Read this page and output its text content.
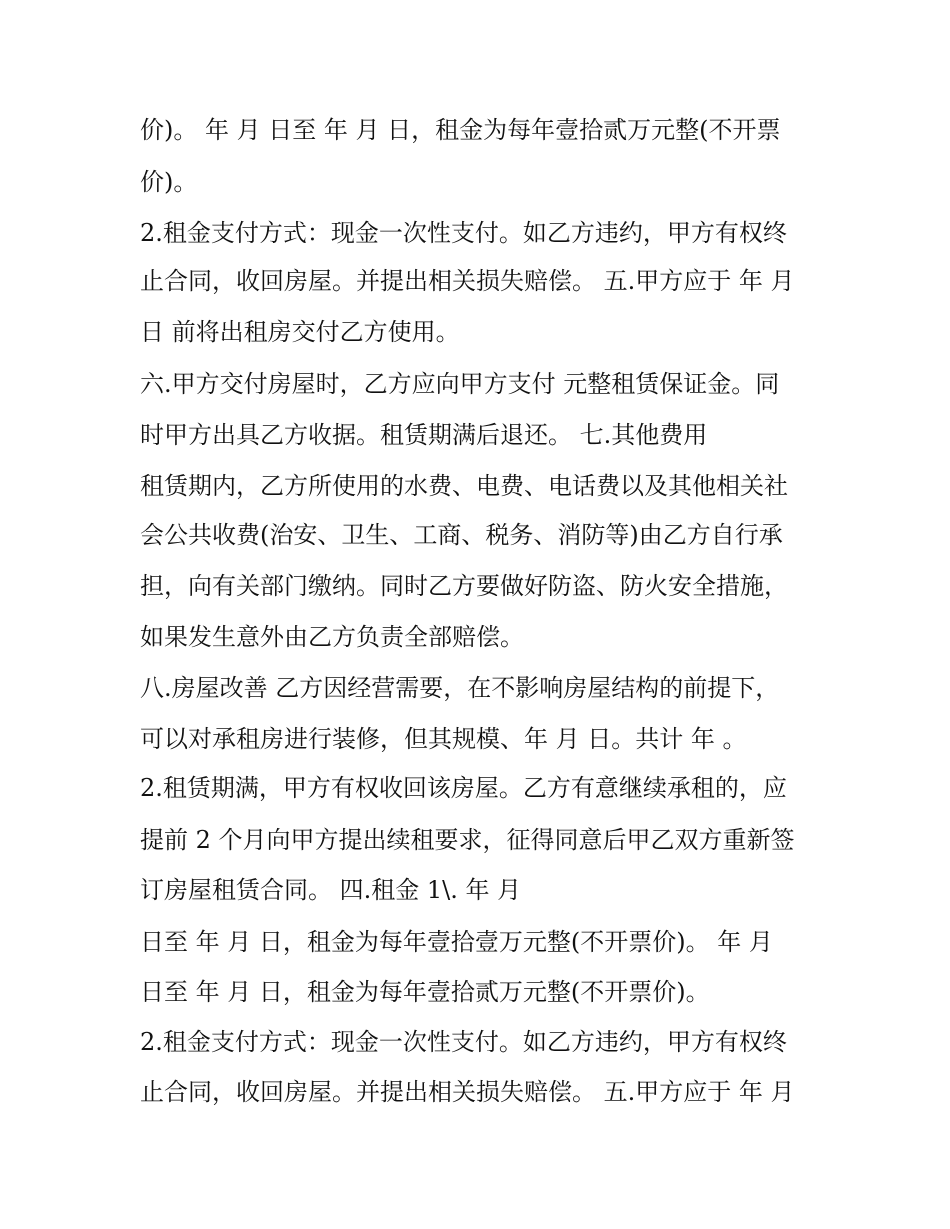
价)。 年 月 日至 年 月 日，租金为每年壹拾贰万元整(不开票
价)。
2.租金支付方式：现金一次性支付。如乙方违约，甲方有权终
止合同，收回房屋。并提出相关损失赔偿。 五.甲方应于 年 月
日 前将出租房交付乙方使用。
六.甲方交付房屋时，乙方应向甲方支付 元整租赁保证金。同
时甲方出具乙方收据。租赁期满后退还。 七.其他费用
租赁期内，乙方所使用的水费、电费、电话费以及其他相关社
会公共收费(治安、卫生、工商、税务、消防等)由乙方自行承
担，向有关部门缴纳。同时乙方要做好防盗、防火安全措施，
如果发生意外由乙方负责全部赔偿。
八.房屋改善 乙方因经营需要，在不影响房屋结构的前提下，
可以对承租房进行装修，但其规模、年 月 日。共计 年 。
2.租赁期满，甲方有权收回该房屋。乙方有意继续承租的，应
提前 2 个月向甲方提出续租要求，征得同意后甲乙双方重新签
订房屋租赁合同。 四.租金 1\. 年 月
日至 年 月 日，租金为每年壹拾壹万元整(不开票价)。 年 月
日至 年 月 日，租金为每年壹拾贰万元整(不开票价)。
2.租金支付方式：现金一次性支付。如乙方违约，甲方有权终
止合同，收回房屋。并提出相关损失赔偿。 五.甲方应于 年 月
